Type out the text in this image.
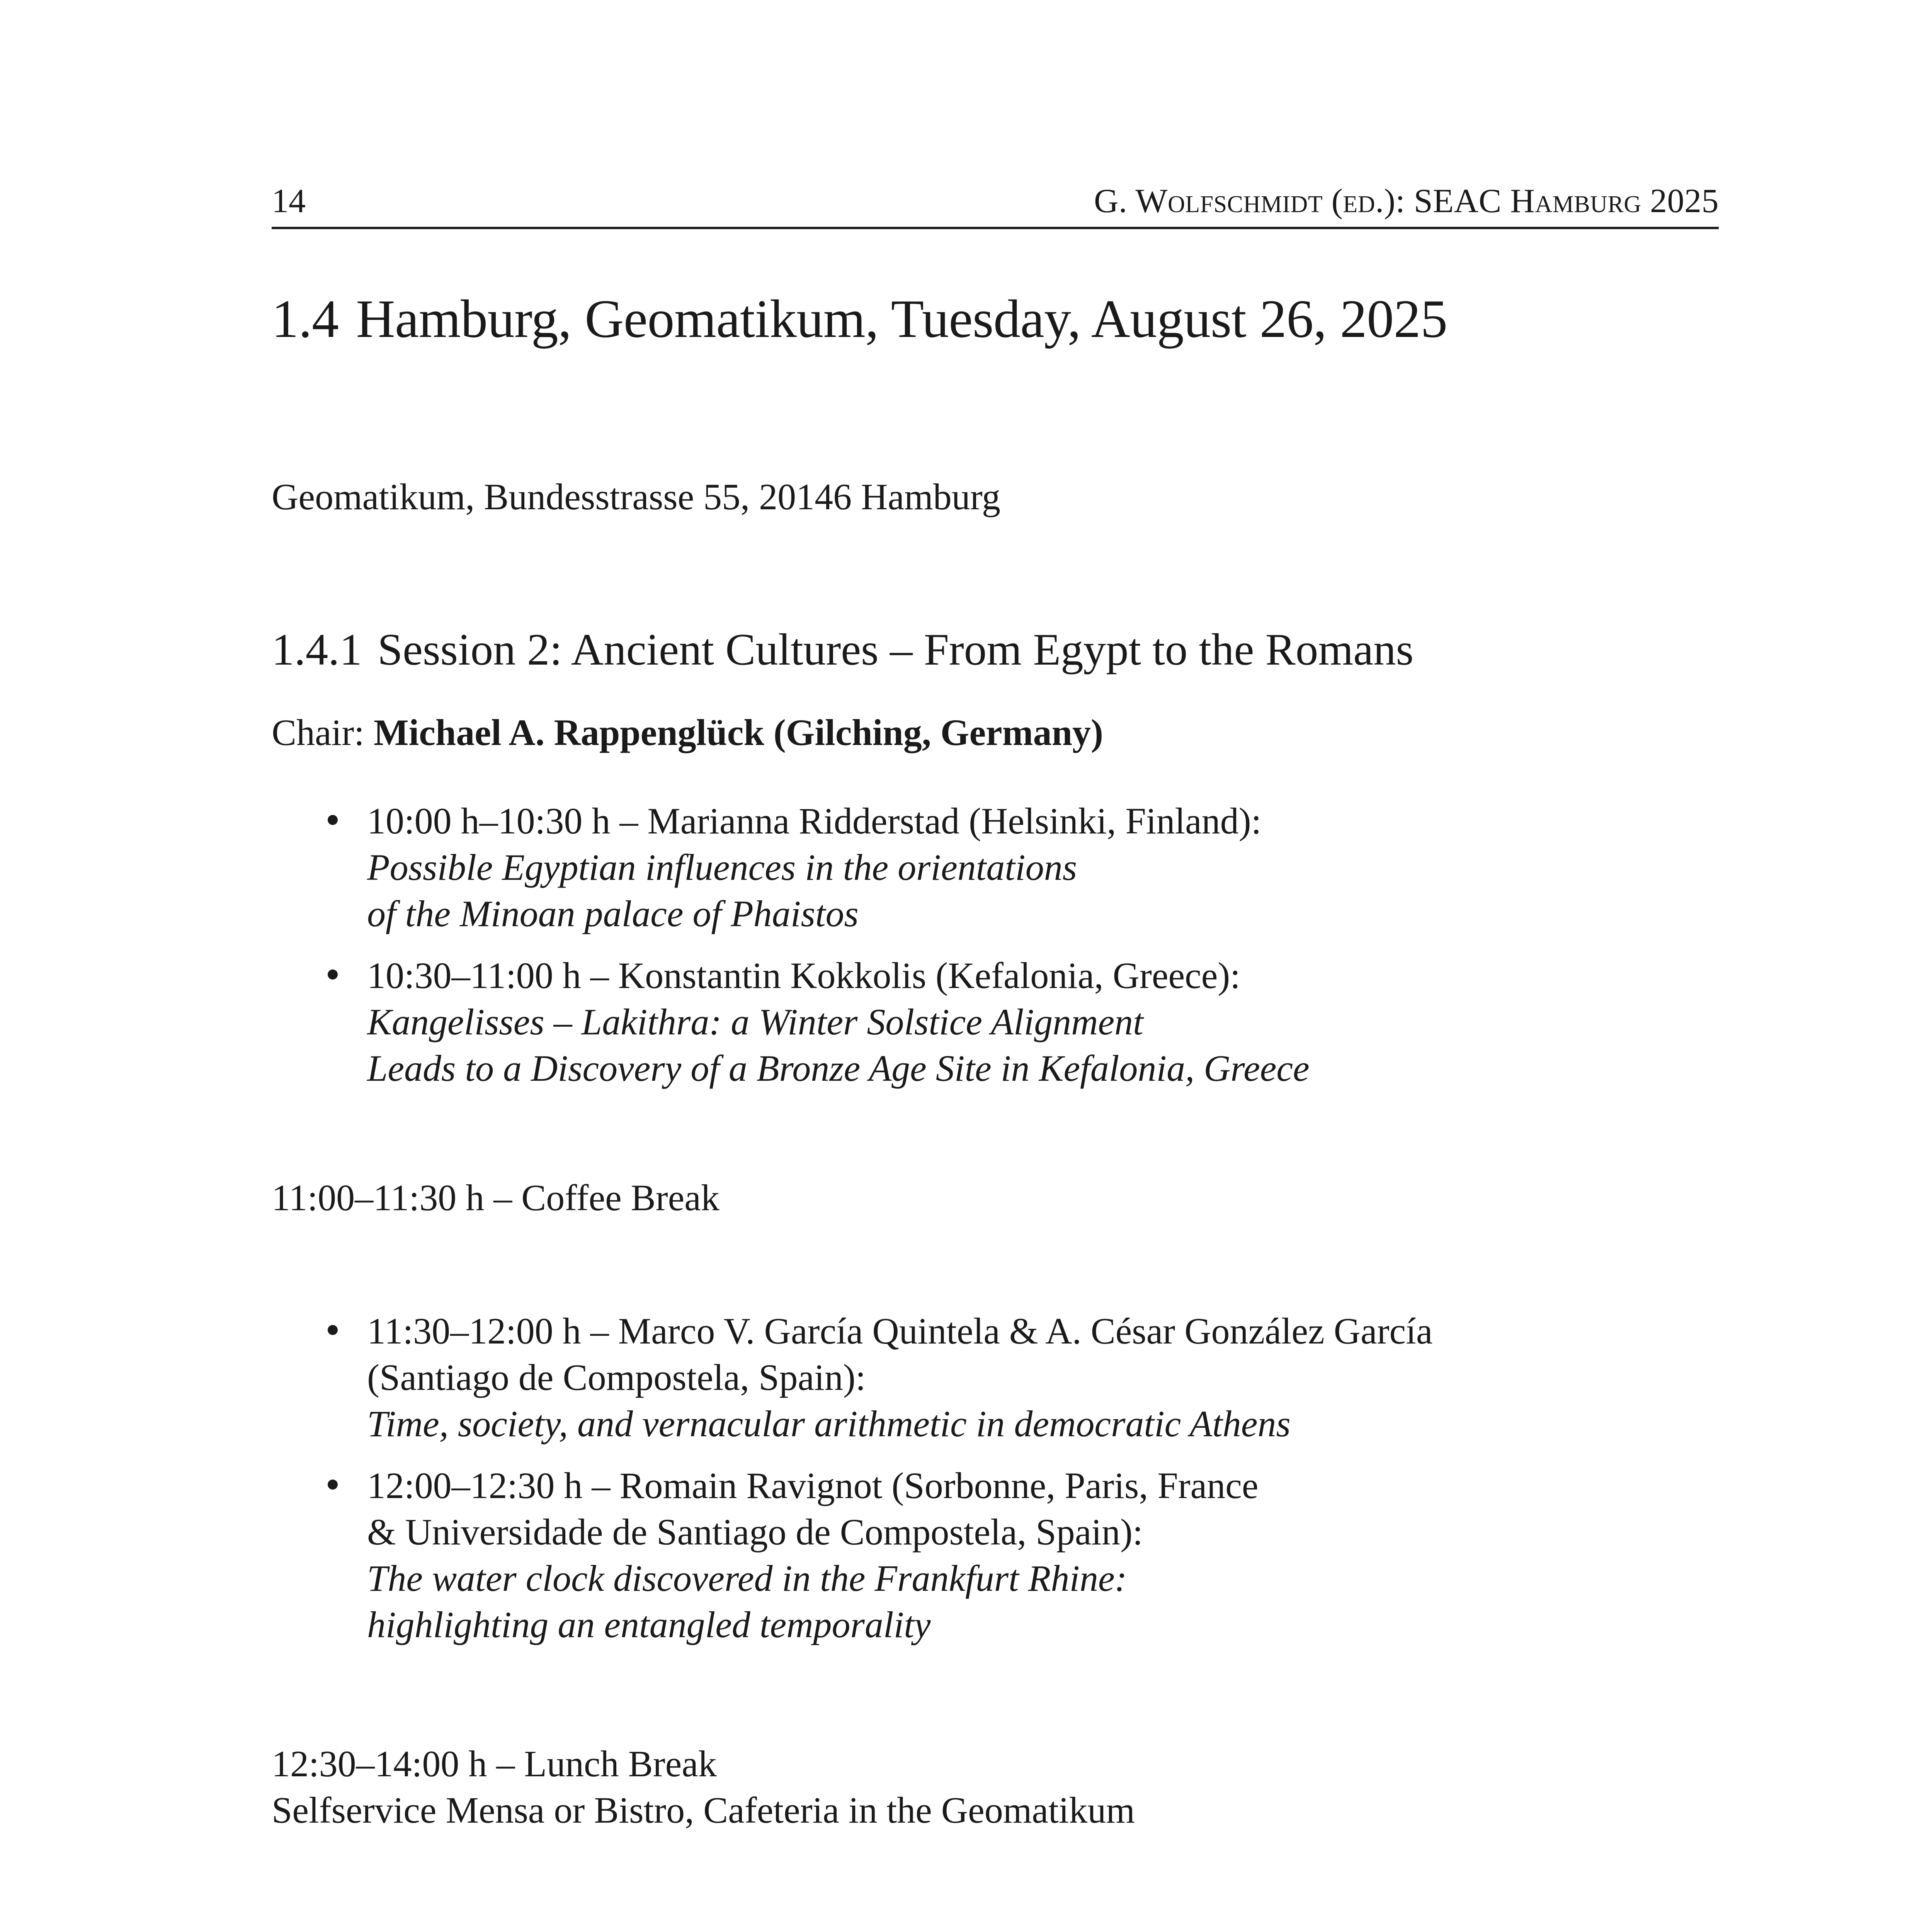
14	G. Wolfschmidt (ed.): SEAC Hamburg 2025
1.4 Hamburg, Geomatikum, Tuesday, August 26, 2025
Geomatikum, Bundesstrasse 55, 20146 Hamburg
1.4.1 Session 2: Ancient Cultures – From Egypt to the Romans
Chair: Michael A. Rappenglück (Gilching, Germany)
10:00 h–10:30 h – Marianna Ridderstad (Helsinki, Finland):
Possible Egyptian influences in the orientations
of the Minoan palace of Phaistos
10:30–11:00 h – Konstantin Kokkolis (Kefalonia, Greece):
Kangelisses – Lakithra: a Winter Solstice Alignment
Leads to a Discovery of a Bronze Age Site in Kefalonia, Greece
11:00–11:30 h – Coffee Break
11:30–12:00 h – Marco V. García Quintela & A. César González García
(Santiago de Compostela, Spain):
Time, society, and vernacular arithmetic in democratic Athens
12:00–12:30 h – Romain Ravignot (Sorbonne, Paris, France
& Universidade de Santiago de Compostela, Spain):
The water clock discovered in the Frankfurt Rhine:
highlighting an entangled temporality
12:30–14:00 h – Lunch Break
Selfservice Mensa or Bistro, Cafeteria in the Geomatikum
